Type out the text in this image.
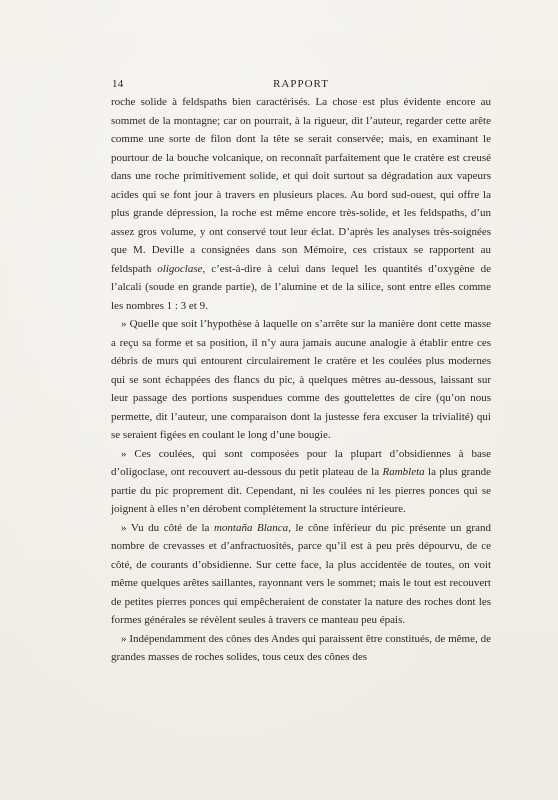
14	RAPPORT

roche solide à feldspaths bien caractérisés. La chose est plus évidente encore au sommet de la montagne; car on pourrait, à la rigueur, dit l’auteur, regarder cette arête comme une sorte de filon dont la tête se serait conservée; mais, en examinant le pourtour de la bouche volcanique, on reconnaît parfaitement que le cratère est creusé dans une roche primitivement solide, et qui doit surtout sa dégradation aux vapeurs acides qui se font jour à travers en plusieurs places. Au bord sud-ouest, qui offre la plus grande dépression, la roche est même encore très-solide, et les feldspaths, d’un assez gros volume, y ont conservé tout leur éclat. D’après les analyses très-soignées que M. Deville a consignées dans son Mémoire, ces cristaux se rapportent au feldspath oligoclase, c’est-à-dire à celui dans lequel les quantités d’oxygène de l’alcali (soude en grande partie), de l’alumine et de la silice, sont entre elles comme les nombres 1 : 3 et 9.

» Quelle que soit l’hypothèse à laquelle on s’arrête sur la manière dont cette masse a reçu sa forme et sa position, il n’y aura jamais aucune analogie à établir entre ces débris de murs qui entourent circulairement le cratère et les coulées plus modernes qui se sont échappées des flancs du pic, à quelques mètres au-dessous, laissant sur leur passage des portions suspendues comme des gouttelettes de cire (qu’on nous permette, dit l’auteur, une comparaison dont la justesse fera excuser la trivialité) qui se seraient figées en coulant le long d’une bougie.

» Ces coulées, qui sont composées pour la plupart d’obsidiennes à base d’oligoclase, ont recouvert au-dessous du petit plateau de la Rambleta la plus grande partie du pic proprement dit. Cependant, ni les coulées ni les pierres ponces qui se joignent à elles n’en dérobent complétement la structure intérieure.

» Vu du côté de la montaña Blanca, le cône inférieur du pic présente un grand nombre de crevasses et d’anfractuosités, parce qu’il est à peu près dépourvu, de ce côté, de courants d’obsidienne. Sur cette face, la plus accidentée de toutes, on voit même quelques arêtes saillantes, rayonnant vers le sommet; mais le tout est recouvert de petites pierres ponces qui empêcheraient de constater la nature des roches dont les formes générales se révèlent seules à travers ce manteau peu épais.

» Indépendamment des cônes des Andes qui paraissent être constitués, de même, de grandes masses de roches solides, tous ceux des cônes des
